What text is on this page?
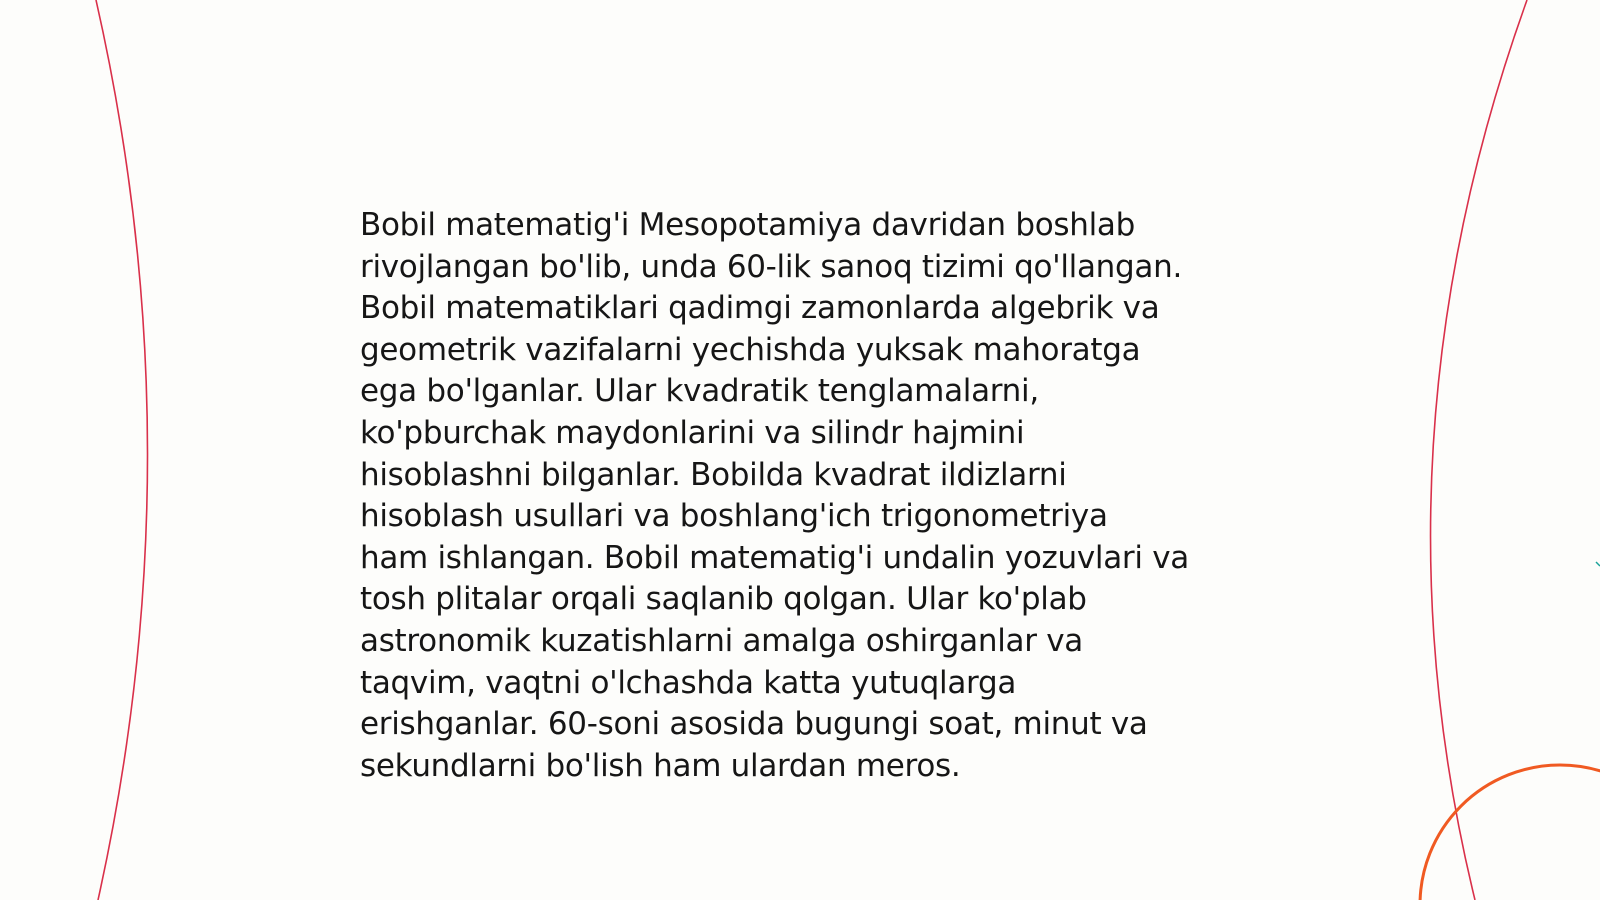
Bobil matematig'i Mesopotamiya davridan boshlab
rivojlangan bo'lib, unda 60-lik sanoq tizimi qo'llangan.
Bobil matematiklari qadimgi zamonlarda algebrik va
geometrik vazifalarni yechishda yuksak mahoratga
ega bo'lganlar. Ular kvadratik tenglamalarni,
ko'pburchak maydonlarini va silindr hajmini
hisoblashni bilganlar. Bobilda kvadrat ildizlarni
hisoblash usullari va boshlang'ich trigonometriya
ham ishlangan. Bobil matematig'i undalin yozuvlari va
tosh plitalar orqali saqlanib qolgan. Ular ko'plab
astronomik kuzatishlarni amalga oshirganlar va
taqvim, vaqtni o'lchashda katta yutuqlarga
erishganlar. 60-soni asosida bugungi soat, minut va
sekundlarni bo'lish ham ulardan meros.
